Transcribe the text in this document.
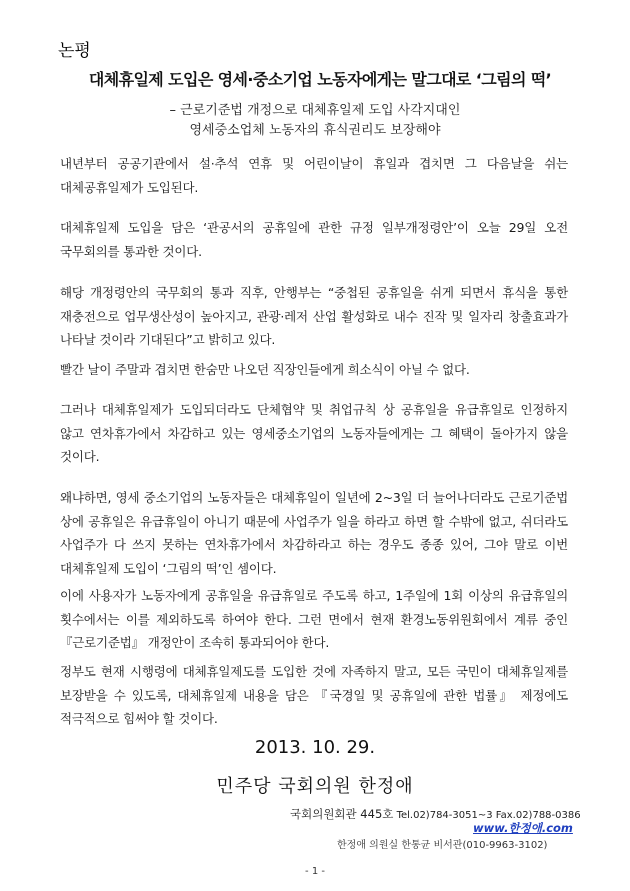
논평
대체휴일제 도입은 영세·중소기업 노동자에게는 말그대로 ‘그림의 떡’
– 근로기준법 개정으로 대체휴일제 도입 사각지대인
영세중소업체 노동자의 휴식권리도 보장해야
내년부터 공공기관에서 설·추석 연휴 및 어린이날이 휴일과 겹치면 그 다음날을 쉬는 대체공휴일제가 도입된다.
대체휴일제 도입을 담은 ‘관공서의 공휴일에 관한 규정 일부개정령안’이 오늘 29일 오전 국무회의를 통과한 것이다.
해당 개정령안의 국무회의 통과 직후, 안행부는 “중첩된 공휴일을 쉬게 되면서 휴식을 통한 재충전으로 업무생산성이 높아지고, 관광·레저 산업 활성화로 내수 진작 및 일자리 창출효과가 나타날 것이라 기대된다”고 밝히고 있다.
빨간 날이 주말과 겹치면 한숨만 나오던 직장인들에게 희소식이 아닐 수 없다.
그러나 대체휴일제가 도입되더라도 단체협약 및 취업규칙 상 공휴일을 유급휴일로 인정하지 않고 연차휴가에서 차감하고 있는 영세중소기업의 노동자들에게는 그 혜택이 돌아가지 않을 것이다.
왜냐하면, 영세 중소기업의 노동자들은 대체휴일이 일년에 2~3일 더 늘어나더라도 근로기준법 상에 공휴일은 유급휴일이 아니기 때문에 사업주가 일을 하라고 하면 할 수밖에 없고, 쉬더라도 사업주가 다 쓰지 못하는 연차휴가에서 차감하라고 하는 경우도 종종 있어, 그야 말로 이번 대체휴일제 도입이 ‘그림의 떡’인 셈이다.
이에 사용자가 노동자에게 공휴일을 유급휴일로 주도록 하고, 1주일에 1회 이상의 유급휴일의 횟수에서는 이를 제외하도록 하여야 한다. 그런 면에서 현재 환경노동위원회에서 계류 중인 『근로기준법』 개정안이 조속히 통과되어야 한다.
정부도 현재 시행령에 대체휴일제도를 도입한 것에 자족하지 말고, 모든 국민이 대체휴일제를 보장받을 수 있도록, 대체휴일제 내용을 담은 『국경일 및 공휴일에 관한 법률』 제정에도 적극적으로 힘써야 할 것이다.
2013. 10. 29.
민주당 국회의원 한정애
국회의원회관 445호 Tel.02)784-3051~3 Fax.02)788-0386
www.한정애.com
한정애 의원실 한통균 비서관(010-9963-3102)
- 1 -
